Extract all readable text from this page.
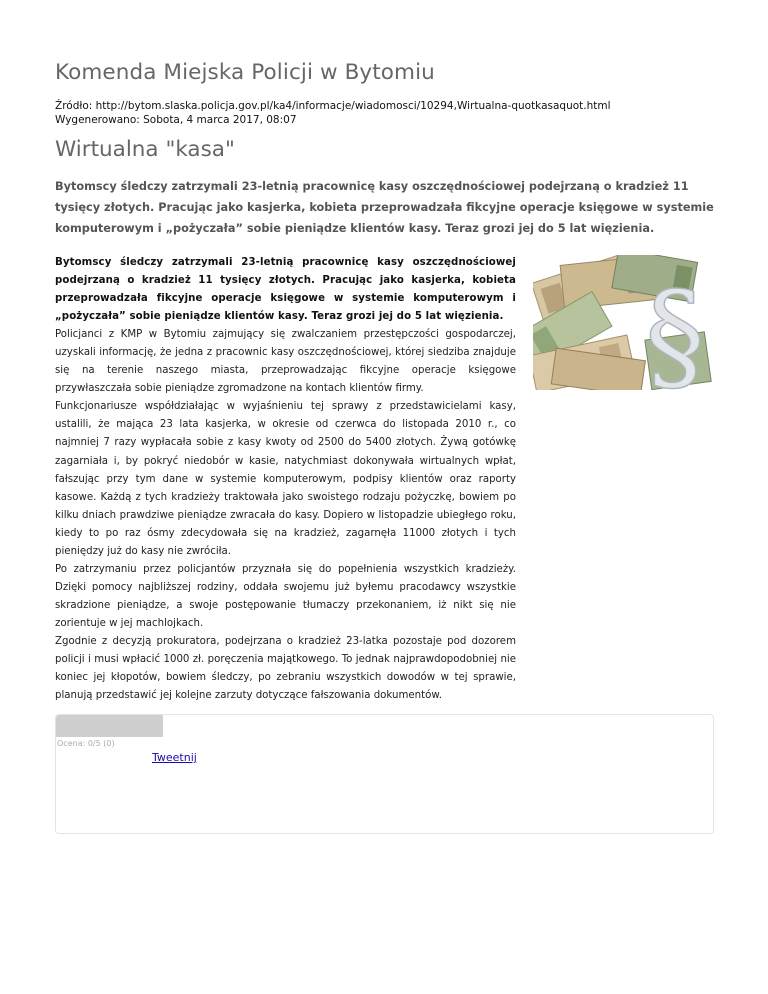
Komenda Miejska Policji w Bytomiu
Źródło: http://bytom.slaska.policja.gov.pl/ka4/informacje/wiadomosci/10294,Wirtualna-quotkasaquot.html
Wygenerowano: Sobota, 4 marca 2017, 08:07
Wirtualna "kasa"

Bytomscy śledczy zatrzymali 23-letnią pracownicę kasy oszczędnościowej podejrzaną o kradzież 11 tysięcy złotych. Pracując jako kasjerka, kobieta przeprowadzała fikcyjne operacje księgowe w systemie komputerowym i „pożyczała” sobie pieniądze klientów kasy. Teraz grozi jej do 5 lat więzienia.

§

Bytomscy śledczy zatrzymali 23-letnią pracownicę kasy oszczędnościowej podejrzaną o kradzież 11 tysięcy złotych. Pracując jako kasjerka, kobieta przeprowadzała fikcyjne operacje księgowe w systemie komputerowym i „pożyczała” sobie pieniądze klientów kasy. Teraz grozi jej do 5 lat więzienia.

Policjanci z KMP w Bytomiu zajmujący się zwalczaniem przestępczości gospodarczej, uzyskali informację, że jedna z pracownic kasy oszczędnościowej, której siedziba znajduje się na terenie naszego miasta, przeprowadzając fikcyjne operacje księgowe przywłaszczała sobie pieniądze zgromadzone na kontach klientów firmy.

Funkcjonariusze współdziałając w wyjaśnieniu tej sprawy z przedstawicielami kasy, ustalili, że mająca 23 lata kasjerka, w okresie od czerwca do listopada 2010 r., co najmniej 7 razy wypłacała sobie z kasy kwoty od 2500 do 5400 złotych. Żywą gotówkę zagarniała i, by pokryć niedobór w kasie, natychmiast dokonywała wirtualnych wpłat, fałszując przy tym dane w systemie komputerowym, podpisy klientów oraz raporty kasowe. Każdą z tych kradzieży traktowała jako swoistego rodzaju pożyczkę, bowiem po kilku dniach prawdziwe pieniądze zwracała do kasy. Dopiero w listopadzie ubiegłego roku, kiedy to po raz ósmy zdecydowała się na kradzież, zagarnęła 11000 złotych i tych pieniędzy już do kasy nie zwróciła.

Po zatrzymaniu przez policjantów przyznała się do popełnienia wszystkich kradzieży. Dzięki pomocy najbliższej rodziny, oddała swojemu już byłemu pracodawcy wszystkie skradzione pieniądze, a swoje postępowanie tłumaczy przekonaniem, iż nikt się nie zorientuje w jej machlojkach.

Zgodnie z decyzją prokuratora, podejrzana o kradzież 23-latka pozostaje pod dozorem policji i musi wpłacić 1000 zł. poręczenia majątkowego. To jednak najprawdopodobniej nie koniec jej kłopotów, bowiem śledczy, po zebraniu wszystkich dowodów w tej sprawie, planują przedstawić jej kolejne zarzuty dotyczące fałszowania dokumentów.

Ocena: 0/5 (0)
Tweetnij
